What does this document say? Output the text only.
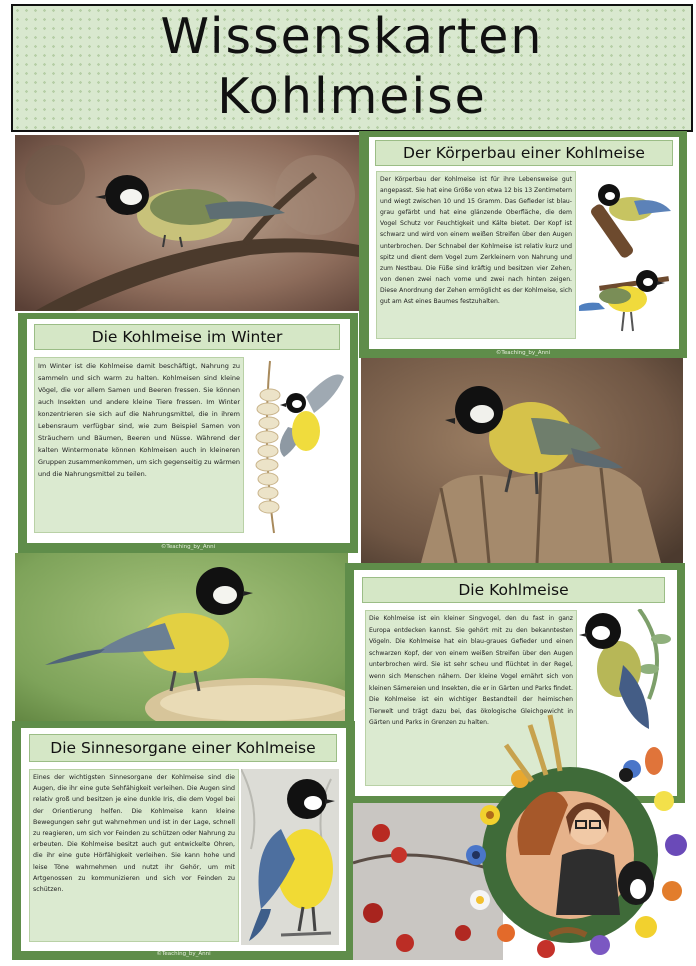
Wissenskarten
Kohlmeise
Der Körperbau einer Kohlmeise
Der Körperbau der Kohlmeise ist für ihre Lebensweise gut angepasst. Sie hat eine Größe von etwa 12 bis 13 Zentimetern und wiegt zwischen 10 und 15 Gramm. Das Gefieder ist blau-grau gefärbt und hat eine glänzende Oberfläche, die dem Vogel Schutz vor Feuchtigkeit und Kälte bietet. Der Kopf ist schwarz und wird von einem weißen Streifen über den Augen unterbrochen. Der Schnabel der Kohlmeise ist relativ kurz und spitz und dient dem Vogel zum Zerkleinern von Nahrung und zum Nestbau. Die Füße sind kräftig und besitzen vier Zehen, von denen zwei nach vorne und zwei nach hinten zeigen. Diese Anordnung der Zehen ermöglicht es der Kohlmeise, sich gut am Ast eines Baumes festzuhalten.
©Teaching_by_Anni
Die Kohlmeise im Winter
Im Winter ist die Kohlmeise damit beschäftigt, Nahrung zu sammeln und sich warm zu halten. Kohlmeisen sind kleine Vögel, die vor allem Samen und Beeren fressen. Sie können auch Insekten und andere kleine Tiere fressen. Im Winter konzentrieren sie sich auf die Nahrungsmittel, die in ihrem Lebensraum verfügbar sind, wie zum Beispiel Samen von Sträuchern und Bäumen, Beeren und Nüsse. Während der kalten Wintermonate können Kohlmeisen auch in kleineren Gruppen zusammenkommen, um sich gegenseitig zu wärmen und die Nahrungsmittel zu teilen.
©Teaching_by_Anni
Die Kohlmeise
Die Kohlmeise ist ein kleiner Singvogel, den du fast in ganz Europa entdecken kannst. Sie gehört mit zu den bekanntesten Vögeln. Die Kohlmeise hat ein blau-graues Gefieder und einen schwarzen Kopf, der von einem weißen Streifen über den Augen unterbrochen wird. Sie ist sehr scheu und flüchtet in der Regel, wenn sich Menschen nähern. Der kleine Vogel ernährt sich von kleinen Sämereien und Insekten, die er in Gärten und Parks findet. Die Kohlmeise ist ein wichtiger Bestandteil der heimischen Tierwelt und trägt dazu bei, das ökologische Gleichgewicht in Gärten und Parks in Grenzen zu halten.
Die Sinnesorgane einer Kohlmeise
Eines der wichtigsten Sinnesorgane der Kohlmeise sind die Augen, die ihr eine gute Sehfähigkeit verleihen. Die Augen sind relativ groß und besitzen je eine dunkle Iris, die dem Vogel bei der Orientierung helfen. Die Kohlmeise kann kleine Bewegungen sehr gut wahrnehmen und ist in der Lage, schnell zu reagieren, um sich vor Feinden zu schützen oder Nahrung zu erbeuten. Die Kohlmeise besitzt auch gut entwickelte Ohren, die ihr eine gute Hörfähigkeit verleihen. Sie kann hohe und leise Töne wahrnehmen und nutzt ihr Gehör, um mit Artgenossen zu kommunizieren und sich vor Feinden zu schützen.
©Teaching_by_Anni
